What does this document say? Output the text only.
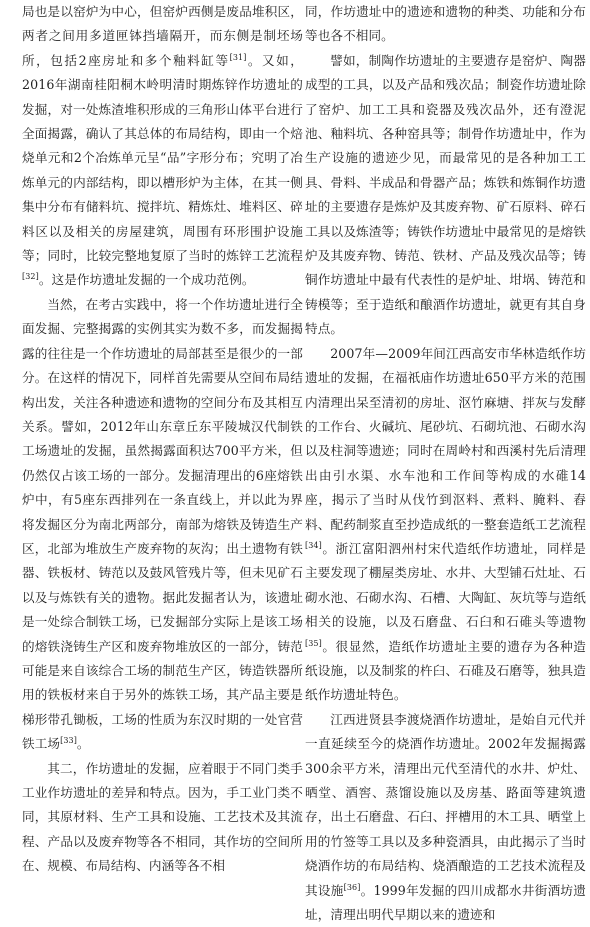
局也是以窑炉为中心，但窑炉西侧是废品堆积区，两者之间用多道匣钵挡墙隔开，而东侧是制坯场所，包括2座房址和多个釉料缸等[31]。又如，2016年湖南桂阳桐木岭明清时期炼锌作坊遗址的发掘，对一处炼渣堆积形成的三角形山体平台进行全面揭露，确认了其总体的布局结构，即由一个焙烧单元和2个冶炼单元呈“品”字形分布；究明了冶炼单元的内部结构，即以槽形炉为主体，在其一侧集中分布有储料坑、搅拌坑、精炼灶、堆料区、碎料区以及相关的房屋建筑，周围有环形围护设施等；同时，比较完整地复原了当时的炼锌工艺流程[32]。这是作坊遗址发掘的一个成功范例。

当然，在考古实践中，将一个作坊遗址进行全面发掘、完整揭露的实例其实为数不多，而发掘揭露的往往是一个作坊遗址的局部甚至是很少的一部分。在这样的情况下，同样首先需要从空间布局结构出发，关注各种遗迹和遗物的空间分布及其相互关系。譬如，2012年山东章丘东平陵城汉代制铁工场遗址的发掘，虽然揭露面积达700平方米，但仍然仅占该工场的一部分。发掘清理出的6座熔铁炉中，有5座东西排列在一条直线上，并以此为界将发掘区分为南北两部分，南部为熔铁及铸造生产区，北部为堆放生产废弃物的灰沟；出土遗物有铁器、铁板材、铸范以及鼓风管残片等，但未见矿石以及与炼铁有关的遗物。据此发掘者认为，该遗址是一处综合制铁工场，已发掘部分实际上是该工场的熔铁浇铸生产区和废弃物堆放区的一部分，铸范可能是来自该综合工场的制范生产区，铸造铁器所用的铁板材来自于另外的炼铁工场，其产品主要是梯形带孔锄板，工场的性质为东汉时期的一处官营铁工场[33]。

其二，作坊遗址的发掘，应着眼于不同门类手工业作坊遗址的差异和特点。因为，手工业门类不同，其原材料、生产工具和设施、工艺技术及其流程、产品以及废弃物等各不相同，其作坊的空间所在、规模、布局结构、内涵等各不相

同，作坊遗址中的遗迹和遗物的种类、功能和分布等也各不相同。

譬如，制陶作坊遗址的主要遗存是窑炉、陶器成型的工具，以及产品和残次品；制瓷作坊遗址除了窑炉、加工工具和瓷器及残次品外，还有澄泥池、釉料坑、各种窑具等；制骨作坊遗址中，作为生产设施的遗迹少见，而最常见的是各种加工工具、骨料、半成品和骨器产品；炼铁和炼铜作坊遗址的主要遗存是炼炉及其废弃物、矿石原料、碎石工具以及炼渣等；铸铁作坊遗址中最常见的是熔铁炉及其废弃物、铸范、铁材、产品及残次品等；铸铜作坊遗址中最有代表性的是炉址、坩埚、铸范和铸模等；至于造纸和酿酒作坊遗址，就更有其自身特点。

2007年—2009年间江西高安市华林造纸作坊遗址的发掘，在福祇庙作坊遗址650平方米的范围内清理出呆至清初的房址、沤竹麻塘、拌灰与发酵的工作台、火碱坑、尾砂坑、石砌坑池、石砌水沟以及柱洞等遗迹；同时在周岭村和西溪村先后清理出由引水渠、水车池和工作间等构成的水碓14座，揭示了当时从伐竹到沤料、煮料、腌料、舂料、配药制浆直至抄造成纸的一整套造纸工艺流程[34]。浙江富阳泗州村宋代造纸作坊遗址，同样是主要发现了棚屋类房址、水井、大型铺石灶址、石砌水池、石砌水沟、石槽、大陶缸、灰坑等与造纸相关的设施，以及石磨盘、石臼和石碓头等遗物[35]。很显然，造纸作坊遗址主要的遗存为各种造纸设施，以及制浆的杵臼、石碓及石磨等，独具造纸作坊遗址特色。

江西进贤县李渡烧酒作坊遗址，是始自元代并一直延续至今的烧酒作坊遗址。2002年发掘揭露300余平方米，清理出元代至清代的水井、炉灶、晒堂、酒窖、蒸馏设施以及房基、路面等建筑遗存，出土石磨盘、石臼、抨槽用的木工具、晒堂上用的竹签等工具以及多种瓷酒具，由此揭示了当时烧酒作坊的布局结构、烧酒酿造的工艺技术流程及其设施[36]。1999年发掘的四川成都水井街酒坊遗址，清理出明代早期以来的遗迹和
